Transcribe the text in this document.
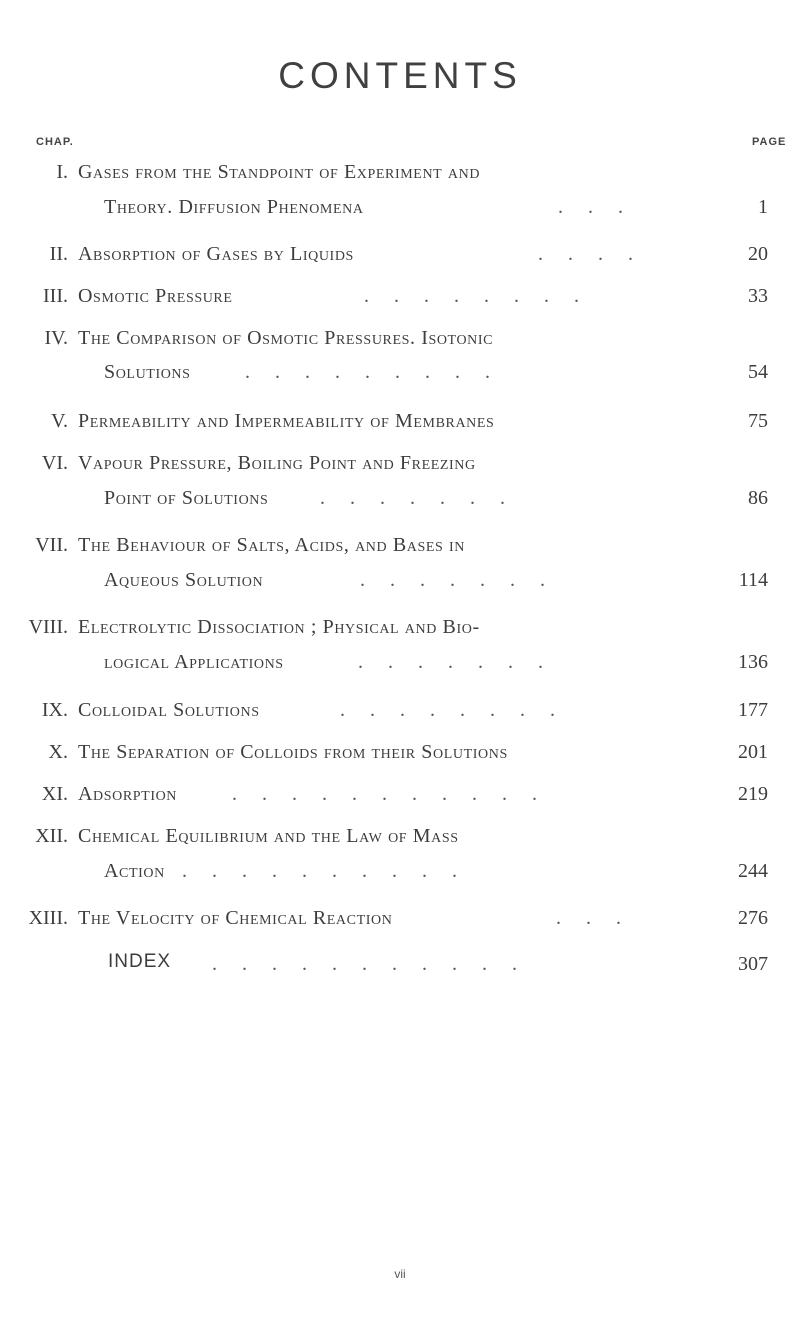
CONTENTS
CHAP.	PAGE
I. Gases from the Standpoint of Experiment and
Theory. Diffusion Phenomena	. . .	1
II. Absorption of Gases by Liquids	. . . .	20
III. Osmotic Pressure	. . . . . . . .	33
IV. The Comparison of Osmotic Pressures. Isotonic
Solutions	. . . . . . . . .	54
V. Permeability and Impermeability of Membranes	75
VI. Vapour Pressure, Boiling Point and Freezing
Point of Solutions	. . . . . . .	86
VII. The Behaviour of Salts, Acids, and Bases in
Aqueous Solution	. . . . . . .	114
VIII. Electrolytic Dissociation ; Physical and Bio-
logical Applications	. . . . . . .	136
IX. Colloidal Solutions	. . . . . . . .	177
X. The Separation of Colloids from their Solutions	201
XI. Adsorption	. . . . . . . . . . .	219
XII. Chemical Equilibrium and the Law of Mass
Action . . . . . . . . . .	244
XIII. The Velocity of Chemical Reaction	. . .	276
INDEX . . . . . . . . . . .	307
vii
